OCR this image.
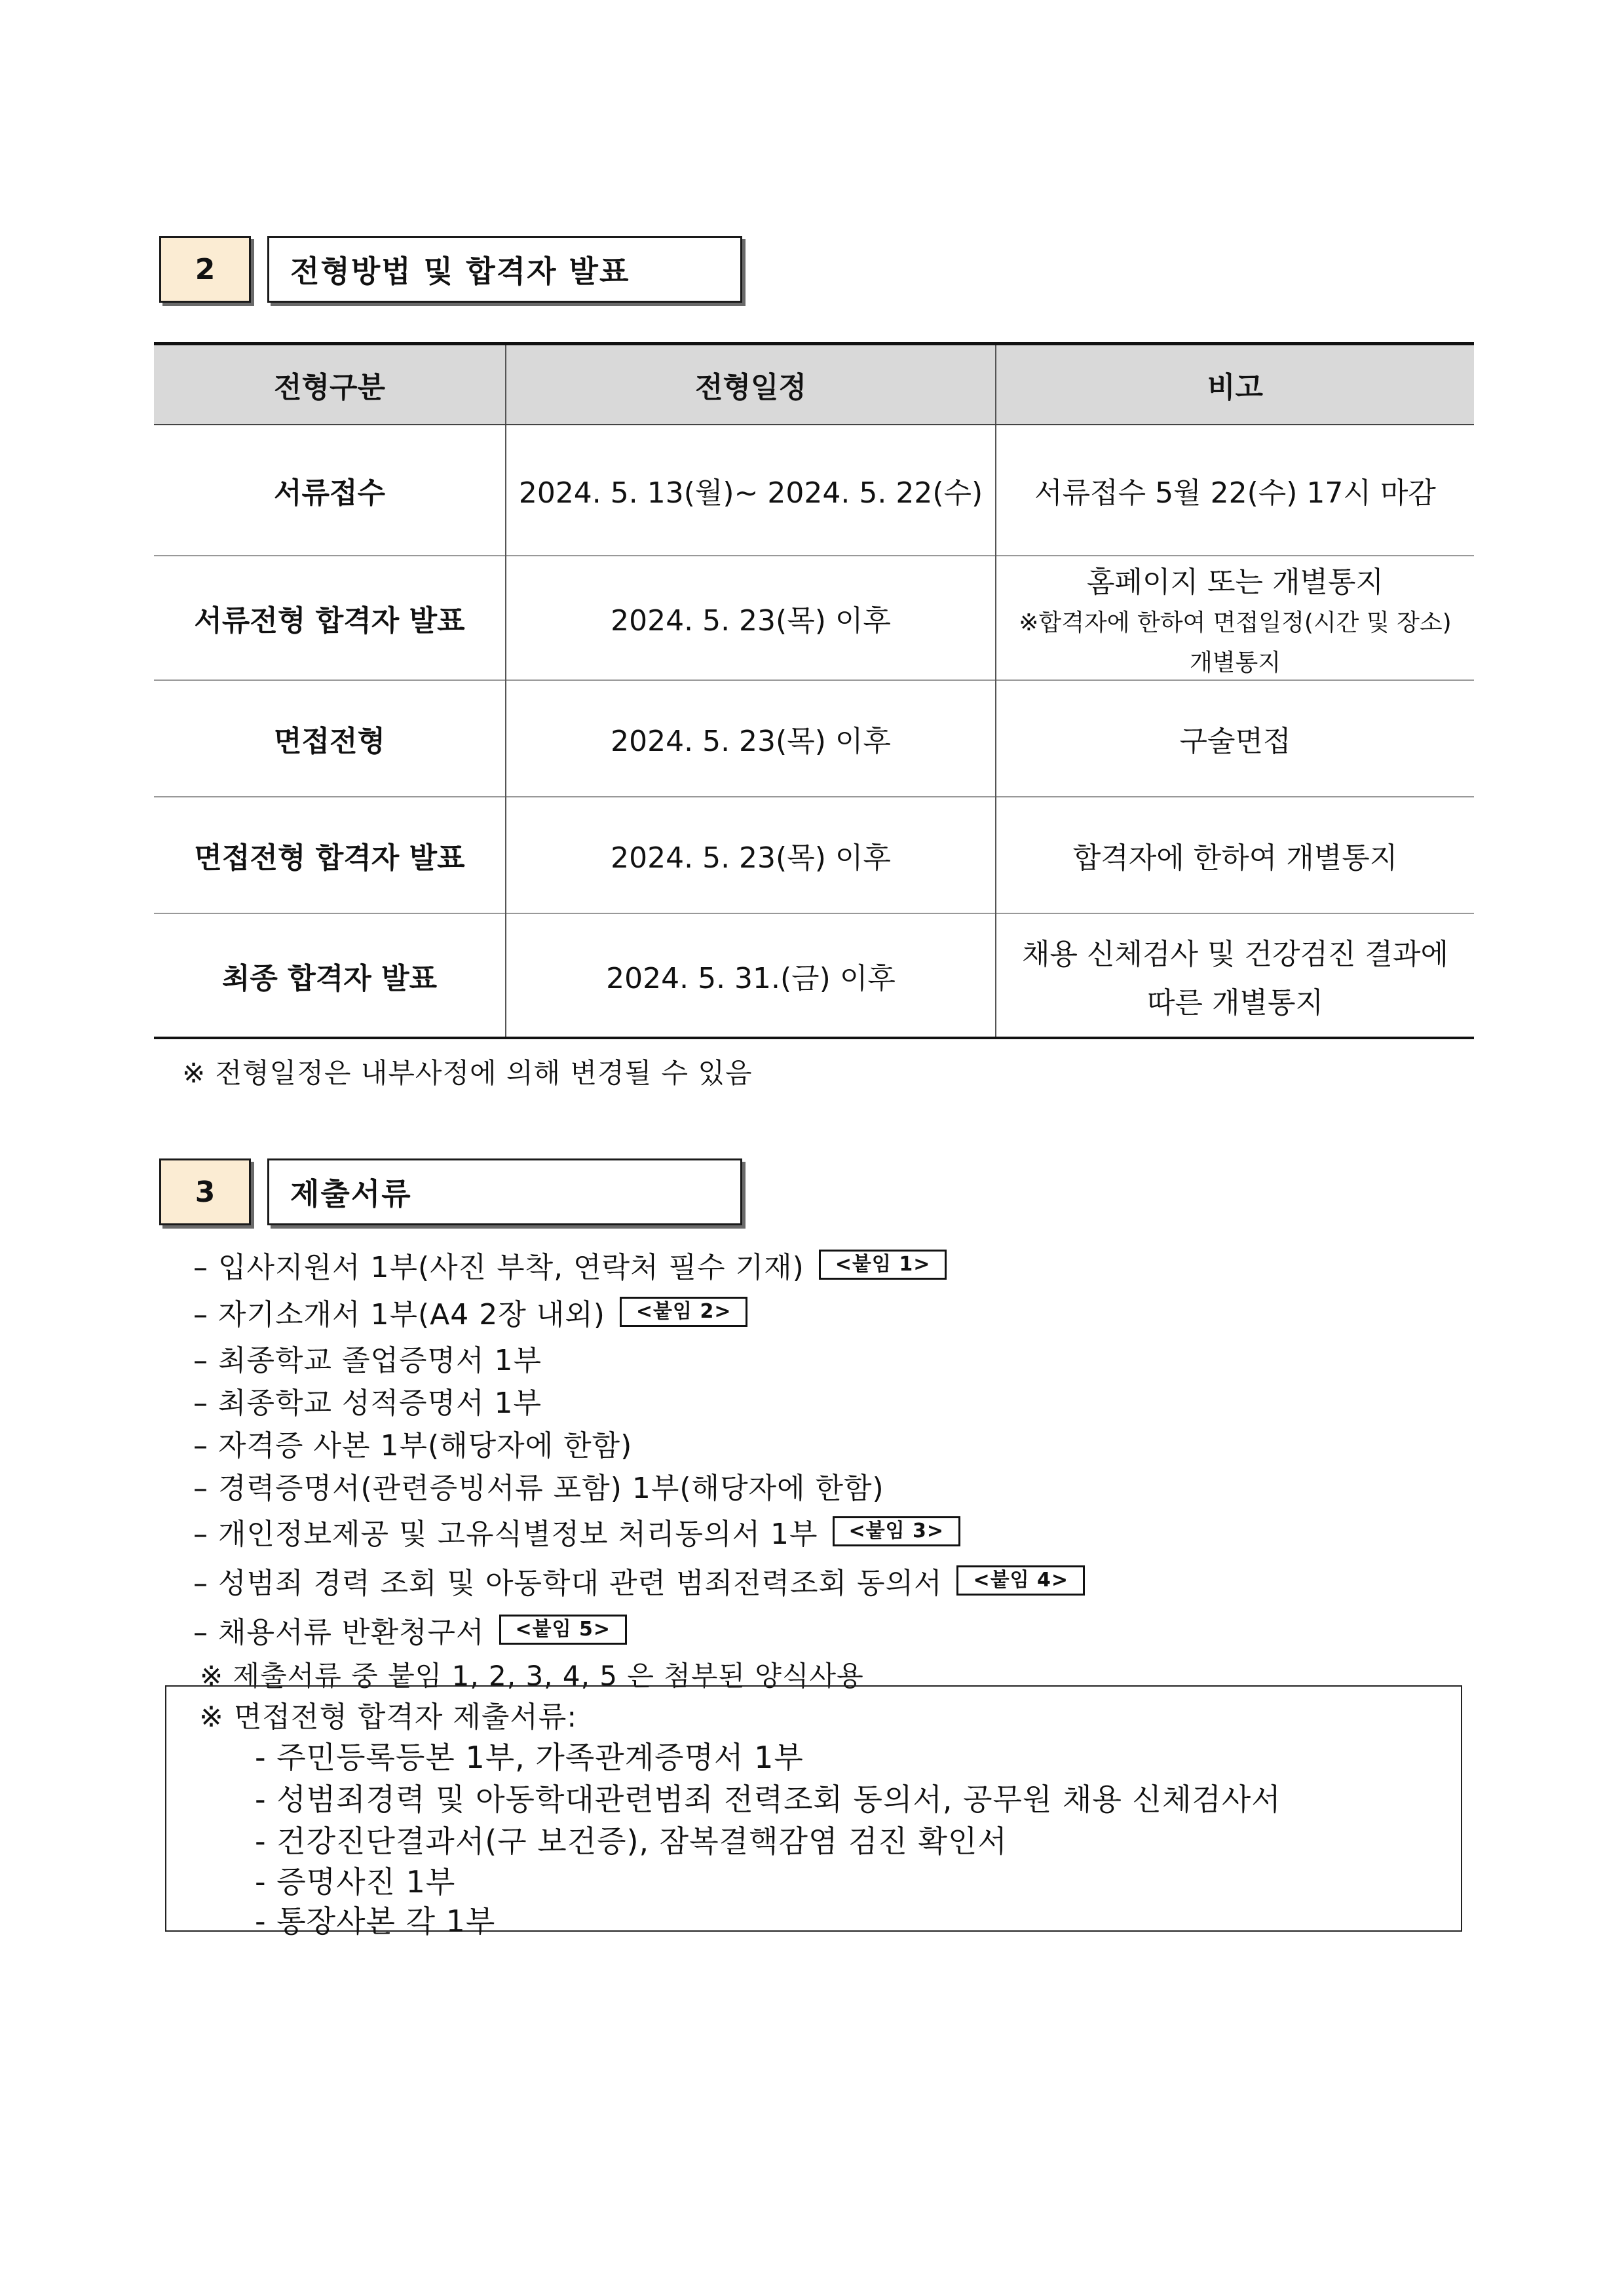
2	전형방법 및 합격자 발표
전형구분	전형일정	비고
서류접수	2024. 5. 13(월)~ 2024. 5. 22(수)	서류접수 5월 22(수) 17시 마감
서류전형 합격자 발표	2024. 5. 23(목) 이후	홈페이지 또는 개별통지
※합격자에 한하여 면접일정(시간 및 장소)
개별통지

면접전형	2024. 5. 23(목) 이후	구술면접
면접전형 합격자 발표	2024. 5. 23(목) 이후	합격자에 한하여 개별통지
최종 합격자 발표	2024. 5. 31.(금) 이후	채용 신체검사 및 건강검진 결과에
따른 개별통지
※ 전형일정은 내부사정에 의해 변경될 수 있음
3	제출서류
– 입사지원서 1부(사진 부착, 연락처 필수 기재)	<붙임 1>
– 자기소개서 1부(A4 2장 내외)	<붙임 2>
– 최종학교 졸업증명서 1부
– 최종학교 성적증명서 1부
– 자격증 사본 1부(해당자에 한함)
– 경력증명서(관련증빙서류 포함) 1부(해당자에 한함)
– 개인정보제공 및 고유식별정보 처리동의서 1부	<붙임 3>
– 성범죄 경력 조회 및 아동학대 관련 범죄전력조회 동의서	<붙임 4>
– 채용서류 반환청구서	<붙임 5>
※ 제출서류 중 붙임 1, 2, 3, 4, 5 은 첨부된 양식사용
※ 면접전형 합격자 제출서류:
- 주민등록등본 1부, 가족관계증명서 1부
- 성범죄경력 및 아동학대관련범죄 전력조회 동의서, 공무원 채용 신체검사서
- 건강진단결과서(구 보건증), 잠복결핵감염 검진 확인서
- 증명사진 1부
- 통장사본 각 1부
